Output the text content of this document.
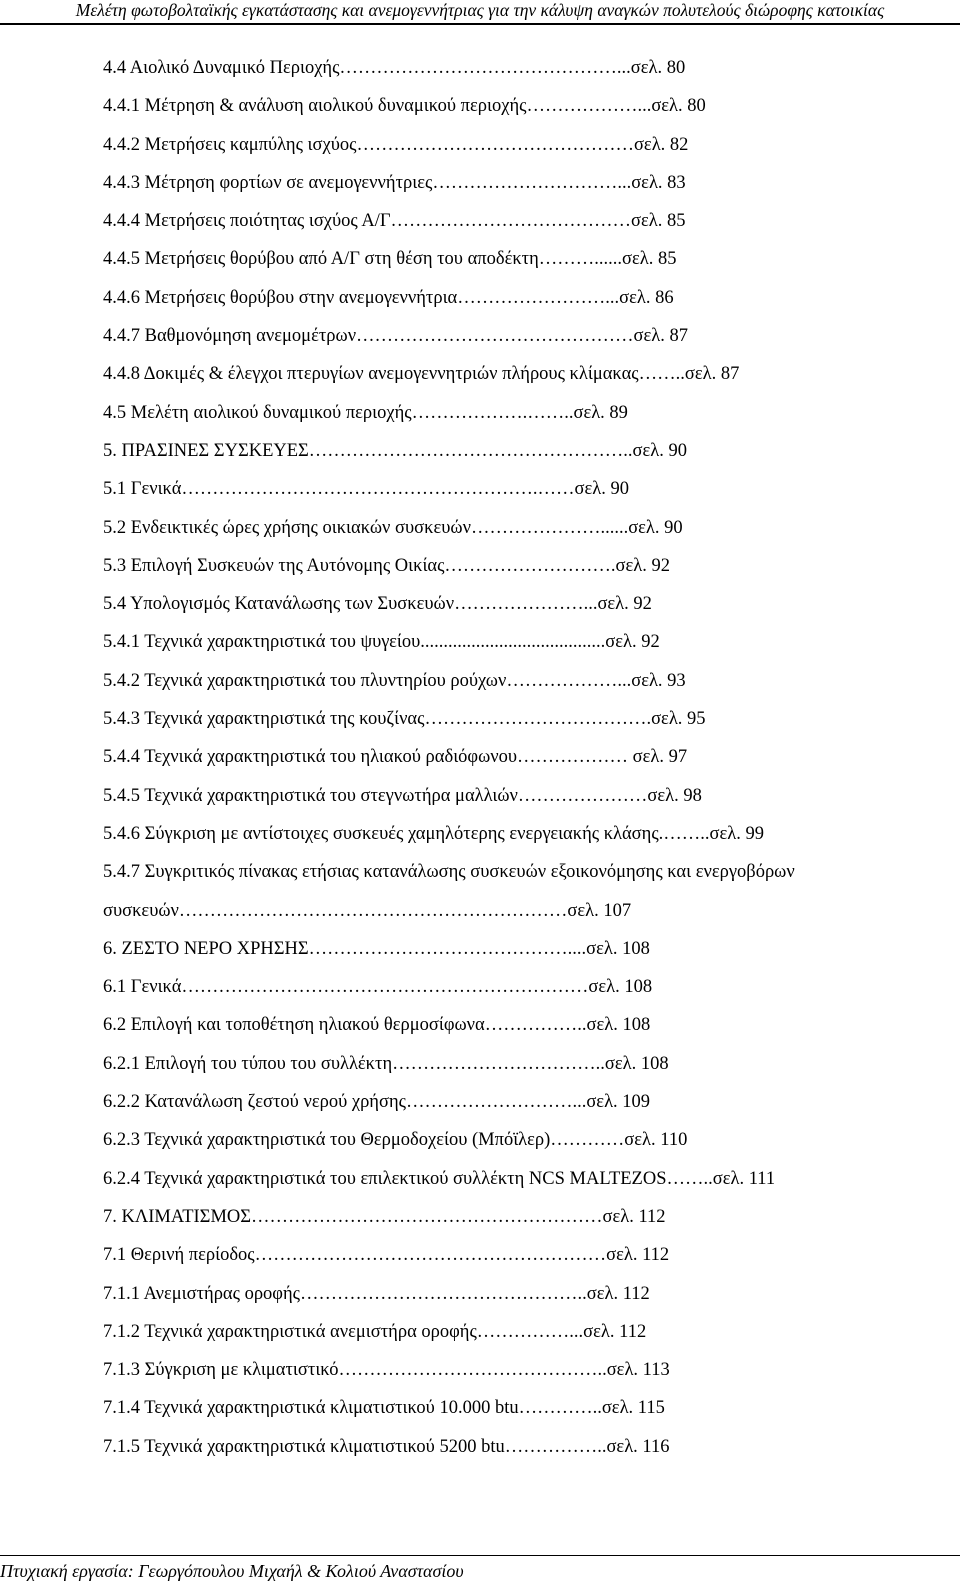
Μελέτη φωτοβολταϊκής εγκατάστασης και ανεμογεννήτριας για την κάλυψη αναγκών πολυτελούς διώροφης κατοικίας
4.4 Αιολικό Δυναμικό Περιοχής………………………………………...σελ. 80
4.4.1 Μέτρηση & ανάλυση αιολικού δυναμικού περιοχής………………...σελ. 80
4.4.2 Μετρήσεις καμπύλης ισχύος………………………………………σελ. 82
4.4.3 Μέτρηση φορτίων σε ανεμογεννήτριες…………………………...σελ. 83
4.4.4 Μετρήσεις ποιότητας ισχύος Α/Γ…………………………………σελ. 85
4.4.5 Μετρήσεις θορύβου από Α/Γ στη θέση του αποδέκτη………......σελ. 85
4.4.6 Μετρήσεις θορύβου στην ανεμογεννήτρια……………………...σελ. 86
4.4.7 Βαθμονόμηση ανεμομέτρων………………………………………σελ. 87
4.4.8 Δοκιμές & έλεγχοι πτερυγίων ανεμογεννητριών πλήρους κλίμακας……..σελ. 87
4.5 Μελέτη αιολικού δυναμικού περιοχής……………….……..σελ. 89
5. ΠΡΑΣΙΝΕΣ ΣΥΣΚΕΥΕΣ……………………………………………..σελ. 90
5.1 Γενικά………………………………………………….……σελ. 90
5.2 Ενδεικτικές ώρες χρήσης οικιακών συσκευών…………………......σελ. 90
5.3 Επιλογή Συσκευών της Αυτόνομης Οικίας……………………….σελ. 92
5.4 Υπολογισμός Κατανάλωσης των Συσκευών…………………...σελ. 92
5.4.1 Τεχνικά χαρακτηριστικά του ψυγείου........................................σελ. 92
5.4.2 Τεχνικά χαρακτηριστικά του πλυντηρίου ρούχων………………...σελ. 93
5.4.3 Τεχνικά χαρακτηριστικά της κουζίνας……………………………….σελ. 95
5.4.4 Τεχνικά χαρακτηριστικά του ηλιακού ραδιόφωνου……………… σελ. 97
5.4.5 Τεχνικά χαρακτηριστικά του στεγνωτήρα μαλλιών…………………σελ. 98
5.4.6 Σύγκριση με αντίστοιχες συσκευές χαμηλότερης ενεργειακής κλάσης.……..σελ. 99
5.4.7 Συγκριτικός πίνακας ετήσιας κατανάλωσης συσκευών εξοικονόμησης και ενεργοβόρων
συσκευών………………………………………………………σελ. 107
6. ΖΕΣΤΟ ΝΕΡΟ ΧΡΗΣΗΣ……………………………………....σελ. 108
6.1 Γενικά…………………………………………………………σελ. 108
6.2 Επιλογή και τοποθέτηση ηλιακού θερμοσίφωνα……………..σελ. 108
6.2.1 Επιλογή του τύπου του συλλέκτη……………………………..σελ. 108
6.2.2 Κατανάλωση ζεστού νερού χρήσης………………………...σελ. 109
6.2.3 Τεχνικά χαρακτηριστικά του Θερμοδοχείου (Μπόϊλερ)…………σελ. 110
6.2.4 Τεχνικά χαρακτηριστικά του επιλεκτικού συλλέκτη NCS MALTEZOS……..σελ. 111
7. ΚΛΙΜΑΤΙΣΜΟΣ…………………………………………………σελ. 112
7.1 Θερινή περίοδος…………………………………………………σελ. 112
7.1.1 Ανεμιστήρας οροφής………………………………………..σελ. 112
7.1.2 Τεχνικά χαρακτηριστικά ανεμιστήρα οροφής……………...σελ. 112
7.1.3 Σύγκριση με κλιματιστικό……………………………………..σελ. 113
7.1.4 Τεχνικά χαρακτηριστικά κλιματιστικού 10.000 btu…………..σελ. 115
7.1.5 Τεχνικά χαρακτηριστικά κλιματιστικού 5200 btu……………..σελ. 116
Πτυχιακή εργασία: Γεωργόπουλου Μιχαήλ & Κολιού Αναστασίου
